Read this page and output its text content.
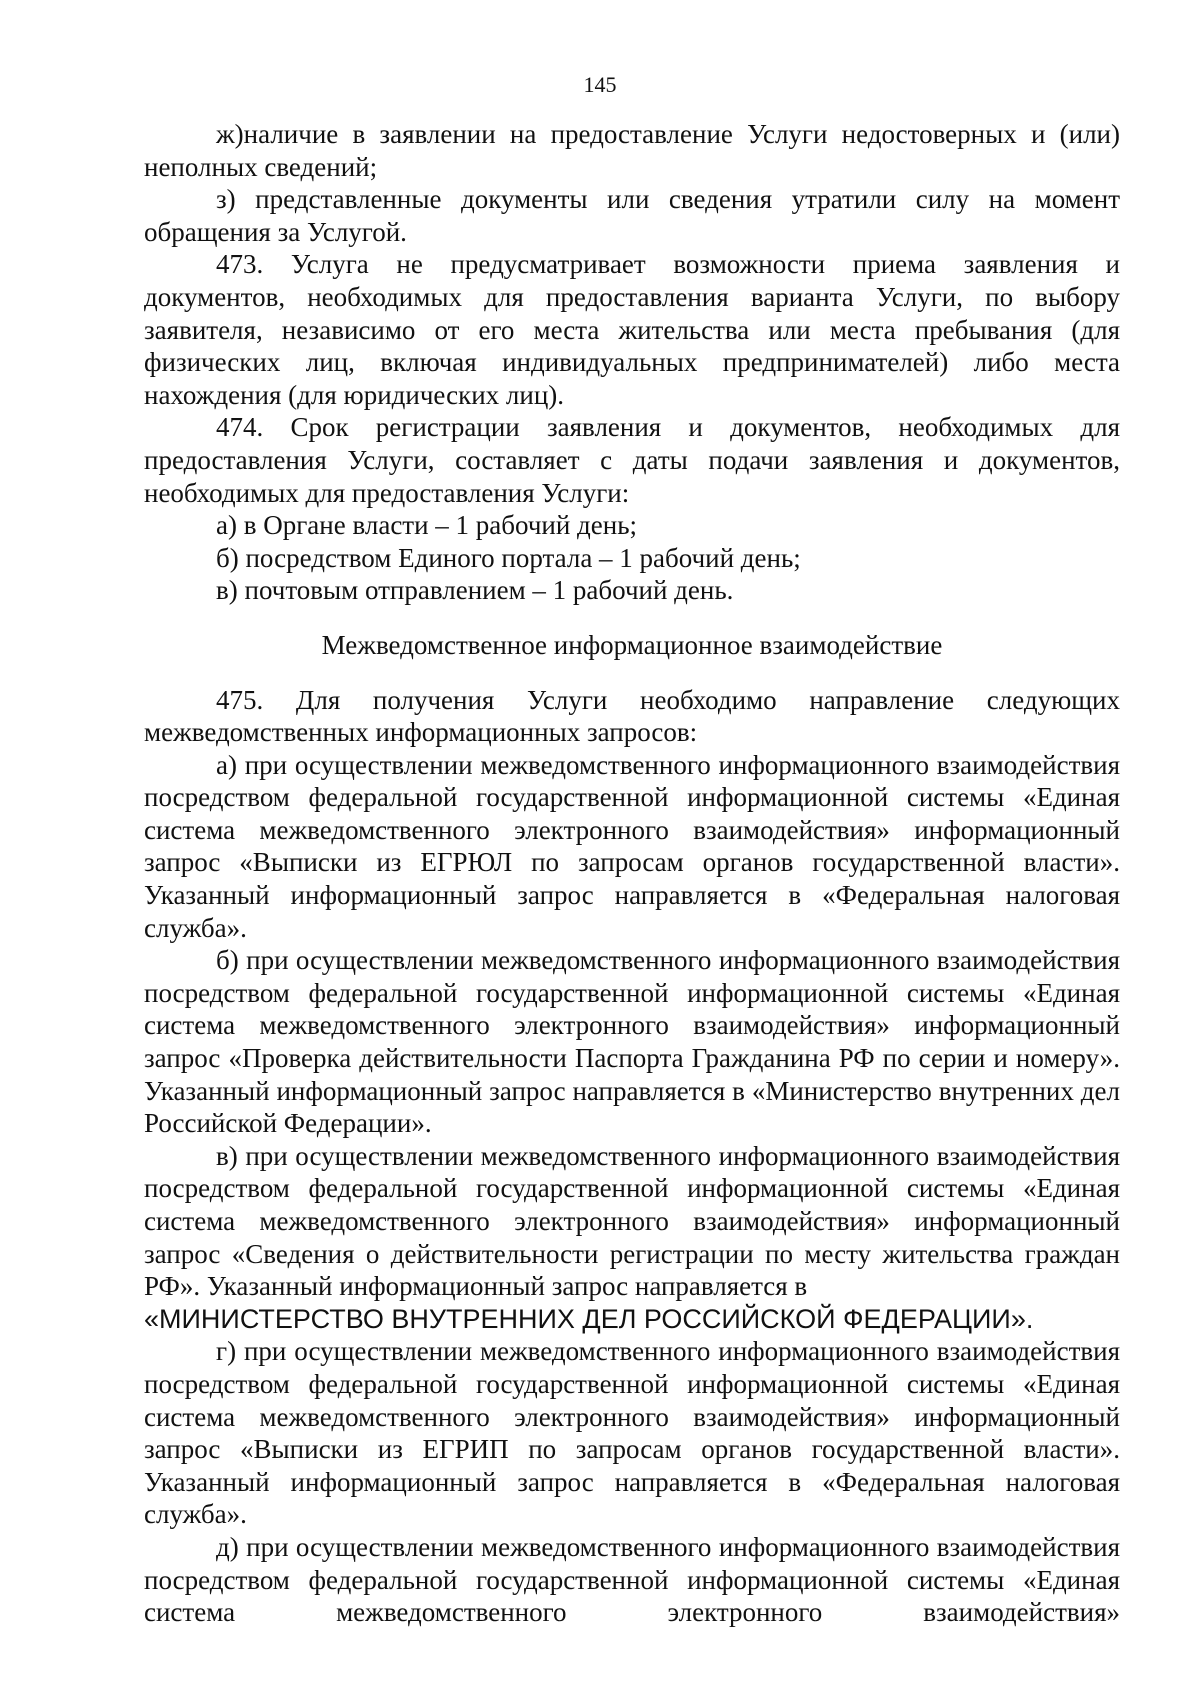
145

ж)наличие в заявлении на предоставление Услуги недостоверных и (или) неполных сведений;

з) представленные документы или сведения утратили силу на момент обращения за Услугой.

473. Услуга не предусматривает возможности приема заявления и документов, необходимых для предоставления варианта Услуги, по выбору заявителя, независимо от его места жительства или места пребывания (для физических лиц, включая индивидуальных предпринимателей) либо места нахождения (для юридических лиц).

474. Срок регистрации заявления и документов, необходимых для предоставления Услуги, составляет с даты подачи заявления и документов, необходимых для предоставления Услуги:

а) в Органе власти – 1 рабочий день;

б) посредством Единого портала – 1 рабочий день;

в) почтовым отправлением – 1 рабочий день.

Межведомственное информационное взаимодействие

475. Для получения Услуги необходимо направление следующих межведомственных информационных запросов:

а) при осуществлении межведомственного информационного взаимодействия посредством федеральной государственной информационной системы «Единая система межведомственного электронного взаимодействия» информационный запрос «Выписки из ЕГРЮЛ по запросам органов государственной власти». Указанный информационный запрос направляется в «Федеральная налоговая служба».

б) при осуществлении межведомственного информационного взаимодействия посредством федеральной государственной информационной системы «Единая система межведомственного электронного взаимодействия» информационный запрос «Проверка действительности Паспорта Гражданина РФ по серии и номеру». Указанный информационный запрос направляется в «Министерство внутренних дел Российской Федерации».

в) при осуществлении межведомственного информационного взаимодействия посредством федеральной государственной информационной системы «Единая система межведомственного электронного взаимодействия» информационный запрос «Сведения о действительности регистрации по месту жительства граждан РФ». Указанный информационный запрос направляется в

«МИНИСТЕРСТВО ВНУТРЕННИХ ДЕЛ РОССИЙСКОЙ ФЕДЕРАЦИИ».

г) при осуществлении межведомственного информационного взаимодействия посредством федеральной государственной информационной системы «Единая система межведомственного электронного взаимодействия» информационный запрос «Выписки из ЕГРИП по запросам органов государственной власти». Указанный информационный запрос направляется в «Федеральная налоговая служба».

д) при осуществлении межведомственного информационного взаимодействия посредством федеральной государственной информационной системы «Единая система межведомственного электронного взаимодействия»
